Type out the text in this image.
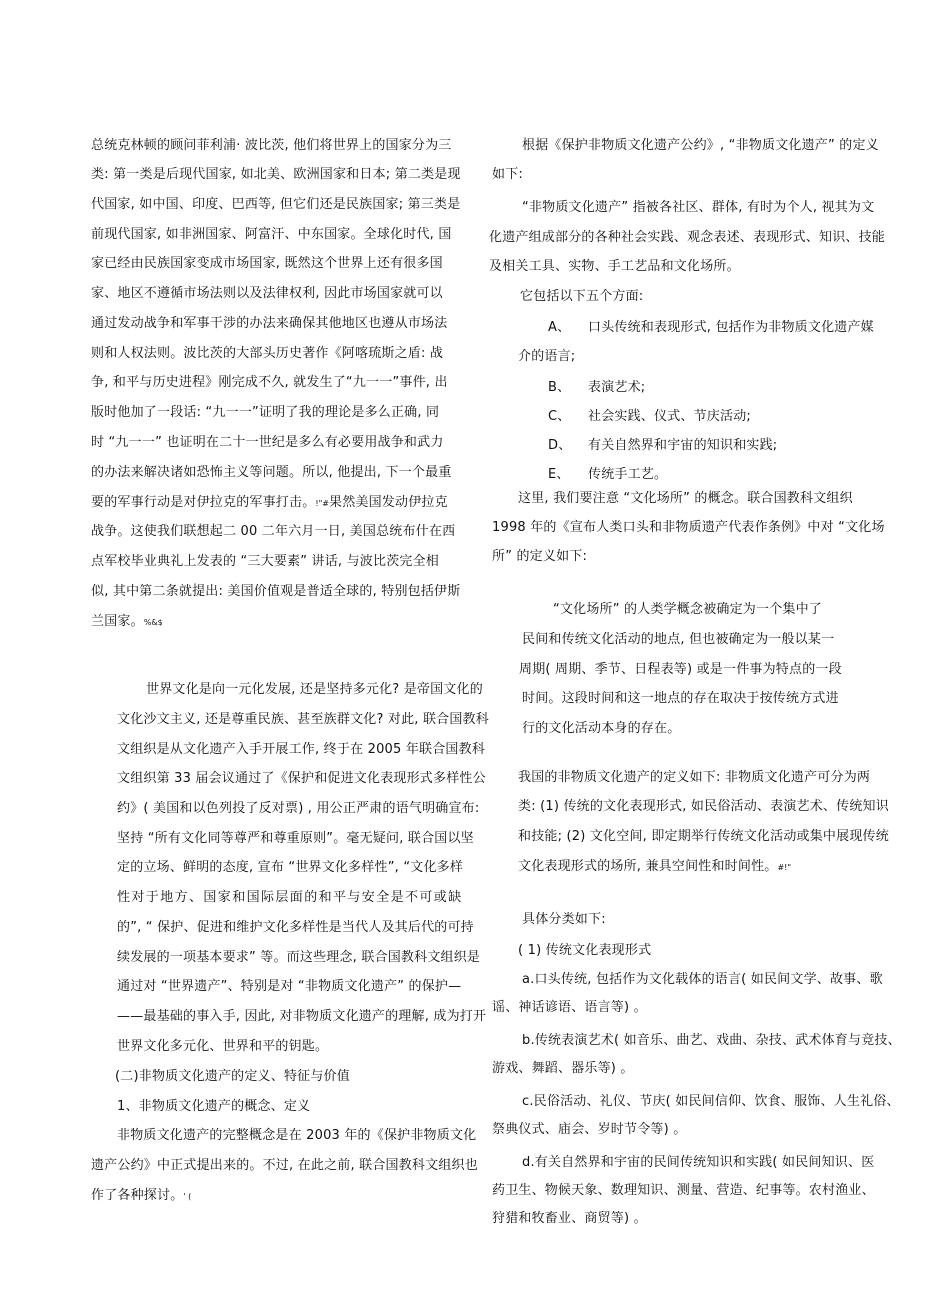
总统克林顿的顾问菲利浦· 波比茨, 他们将世界上的国家分为三
类: 第一类是后现代国家, 如北美、欧洲国家和日本; 第二类是现
代国家, 如中国、印度、巴西等, 但它们还是民族国家; 第三类是
前现代国家, 如非洲国家、阿富汗、中东国家。全球化时代, 国
家已经由民族国家变成市场国家, 既然这个世界上还有很多国
家、地区不遵循市场法则以及法律权利, 因此市场国家就可以
通过发动战争和军事干涉的办法来确保其他地区也遵从市场法
则和人权法则。波比茨的大部头历史著作《阿喀琉斯之盾: 战
争, 和平与历史进程》刚完成不久, 就发生了“九一一”事件, 出
版时他加了一段话: “九一一”证明了我的理论是多么正确, 同
时 “九一一” 也证明在二十一世纪是多么有必要用战争和武力
的办法来解决诸如恐怖主义等问题。所以, 他提出, 下一个最重
要的军事行动是对伊拉克的军事打击。!"#果然美国发动伊拉克
战争。这使我们联想起二 00 二年六月一日, 美国总统布什在西
点军校毕业典礼上发表的 “三大要素” 讲话, 与波比茨完全相
似, 其中第二条就提出: 美国价值观是普适全球的, 特别包括伊斯
兰国家。%&$
世界文化是向一元化发展, 还是坚持多元化? 是帝国文化的
文化沙文主义, 还是尊重民族、甚至族群文化? 对此, 联合国教科
文组织是从文化遗产入手开展工作, 终于在 2005 年联合国教科
文组织第 33 届会议通过了《保护和促进文化表现形式多样性公
约》( 美国和以色列投了反对票) , 用公正严肃的语气明确宣布:
坚持 “所有文化同等尊严和尊重原则”。毫无疑问, 联合国以坚
定的立场、鲜明的态度, 宣布 “世界文化多样性”, “文化多样
性对于地方、国家和国际层面的和平与安全是不可或缺
的”, “ 保护、促进和维护文化多样性是当代人及其后代的可持
续发展的一项基本要求” 等。而这些理念, 联合国教科文组织是
通过对 “世界遗产”、特别是对 “非物质文化遗产” 的保护—
——最基础的事入手, 因此, 对非物质文化遗产的理解, 成为打开
世界文化多元化、世界和平的钥匙。
(二)非物质文化遗产的定义、特征与价值
1、非物质文化遗产的概念、定义
非物质文化遗产的完整概念是在 2003 年的《保护非物质文化
遗产公约》中正式提出来的。不过, 在此之前, 联合国教科文组织也
作了各种探讨。' (
根据《保护非物质文化遗产公约》, “非物质文化遗产” 的定义
如下:
“非物质文化遗产” 指被各社区、群体, 有时为个人, 视其为文
化遗产组成部分的各种社会实践、观念表述、表现形式、知识、技能
及相关工具、实物、手工艺品和文化场所。
它包括以下五个方面:
A、 口头传统和表现形式, 包括作为非物质文化遗产媒
介的语言;
B、 表演艺术;
C、 社会实践、仪式、节庆活动;
D、 有关自然界和宇宙的知识和实践;
E、 传统手工艺。
这里, 我们要注意 “文化场所” 的概念。联合国教科文组织
1998 年的《宣布人类口头和非物质遗产代表作条例》中对 “文化场
所” 的定义如下:
“文化场所” 的人类学概念被确定为一个集中了
民间和传统文化活动的地点, 但也被确定为一般以某一
周期( 周期、季节、日程表等) 或是一件事为特点的一段
时间。这段时间和这一地点的存在取决于按传统方式进
行的文化活动本身的存在。
我国的非物质文化遗产的定义如下: 非物质文化遗产可分为两
类: (1) 传统的文化表现形式, 如民俗活动、表演艺术、传统知识
和技能; (2) 文化空间, 即定期举行传统文化活动或集中展现传统
文化表现形式的场所, 兼具空间性和时间性。#!"
具体分类如下:
( 1) 传统文化表现形式
a.口头传统, 包括作为文化载体的语言( 如民间文学、故事、歌
谣、神话谚语、语言等) 。
b.传统表演艺术( 如音乐、曲艺、戏曲、杂技、武术体育与竞技、
游戏、舞蹈、器乐等) 。
c.民俗活动、礼仪、节庆( 如民间信仰、饮食、服饰、人生礼俗、
祭典仪式、庙会、岁时节令等) 。
d.有关自然界和宇宙的民间传统知识和实践( 如民间知识、医
药卫生、物候天象、数理知识、测量、营造、纪事等。农村渔业、
狩猎和牧畜业、商贸等) 。
